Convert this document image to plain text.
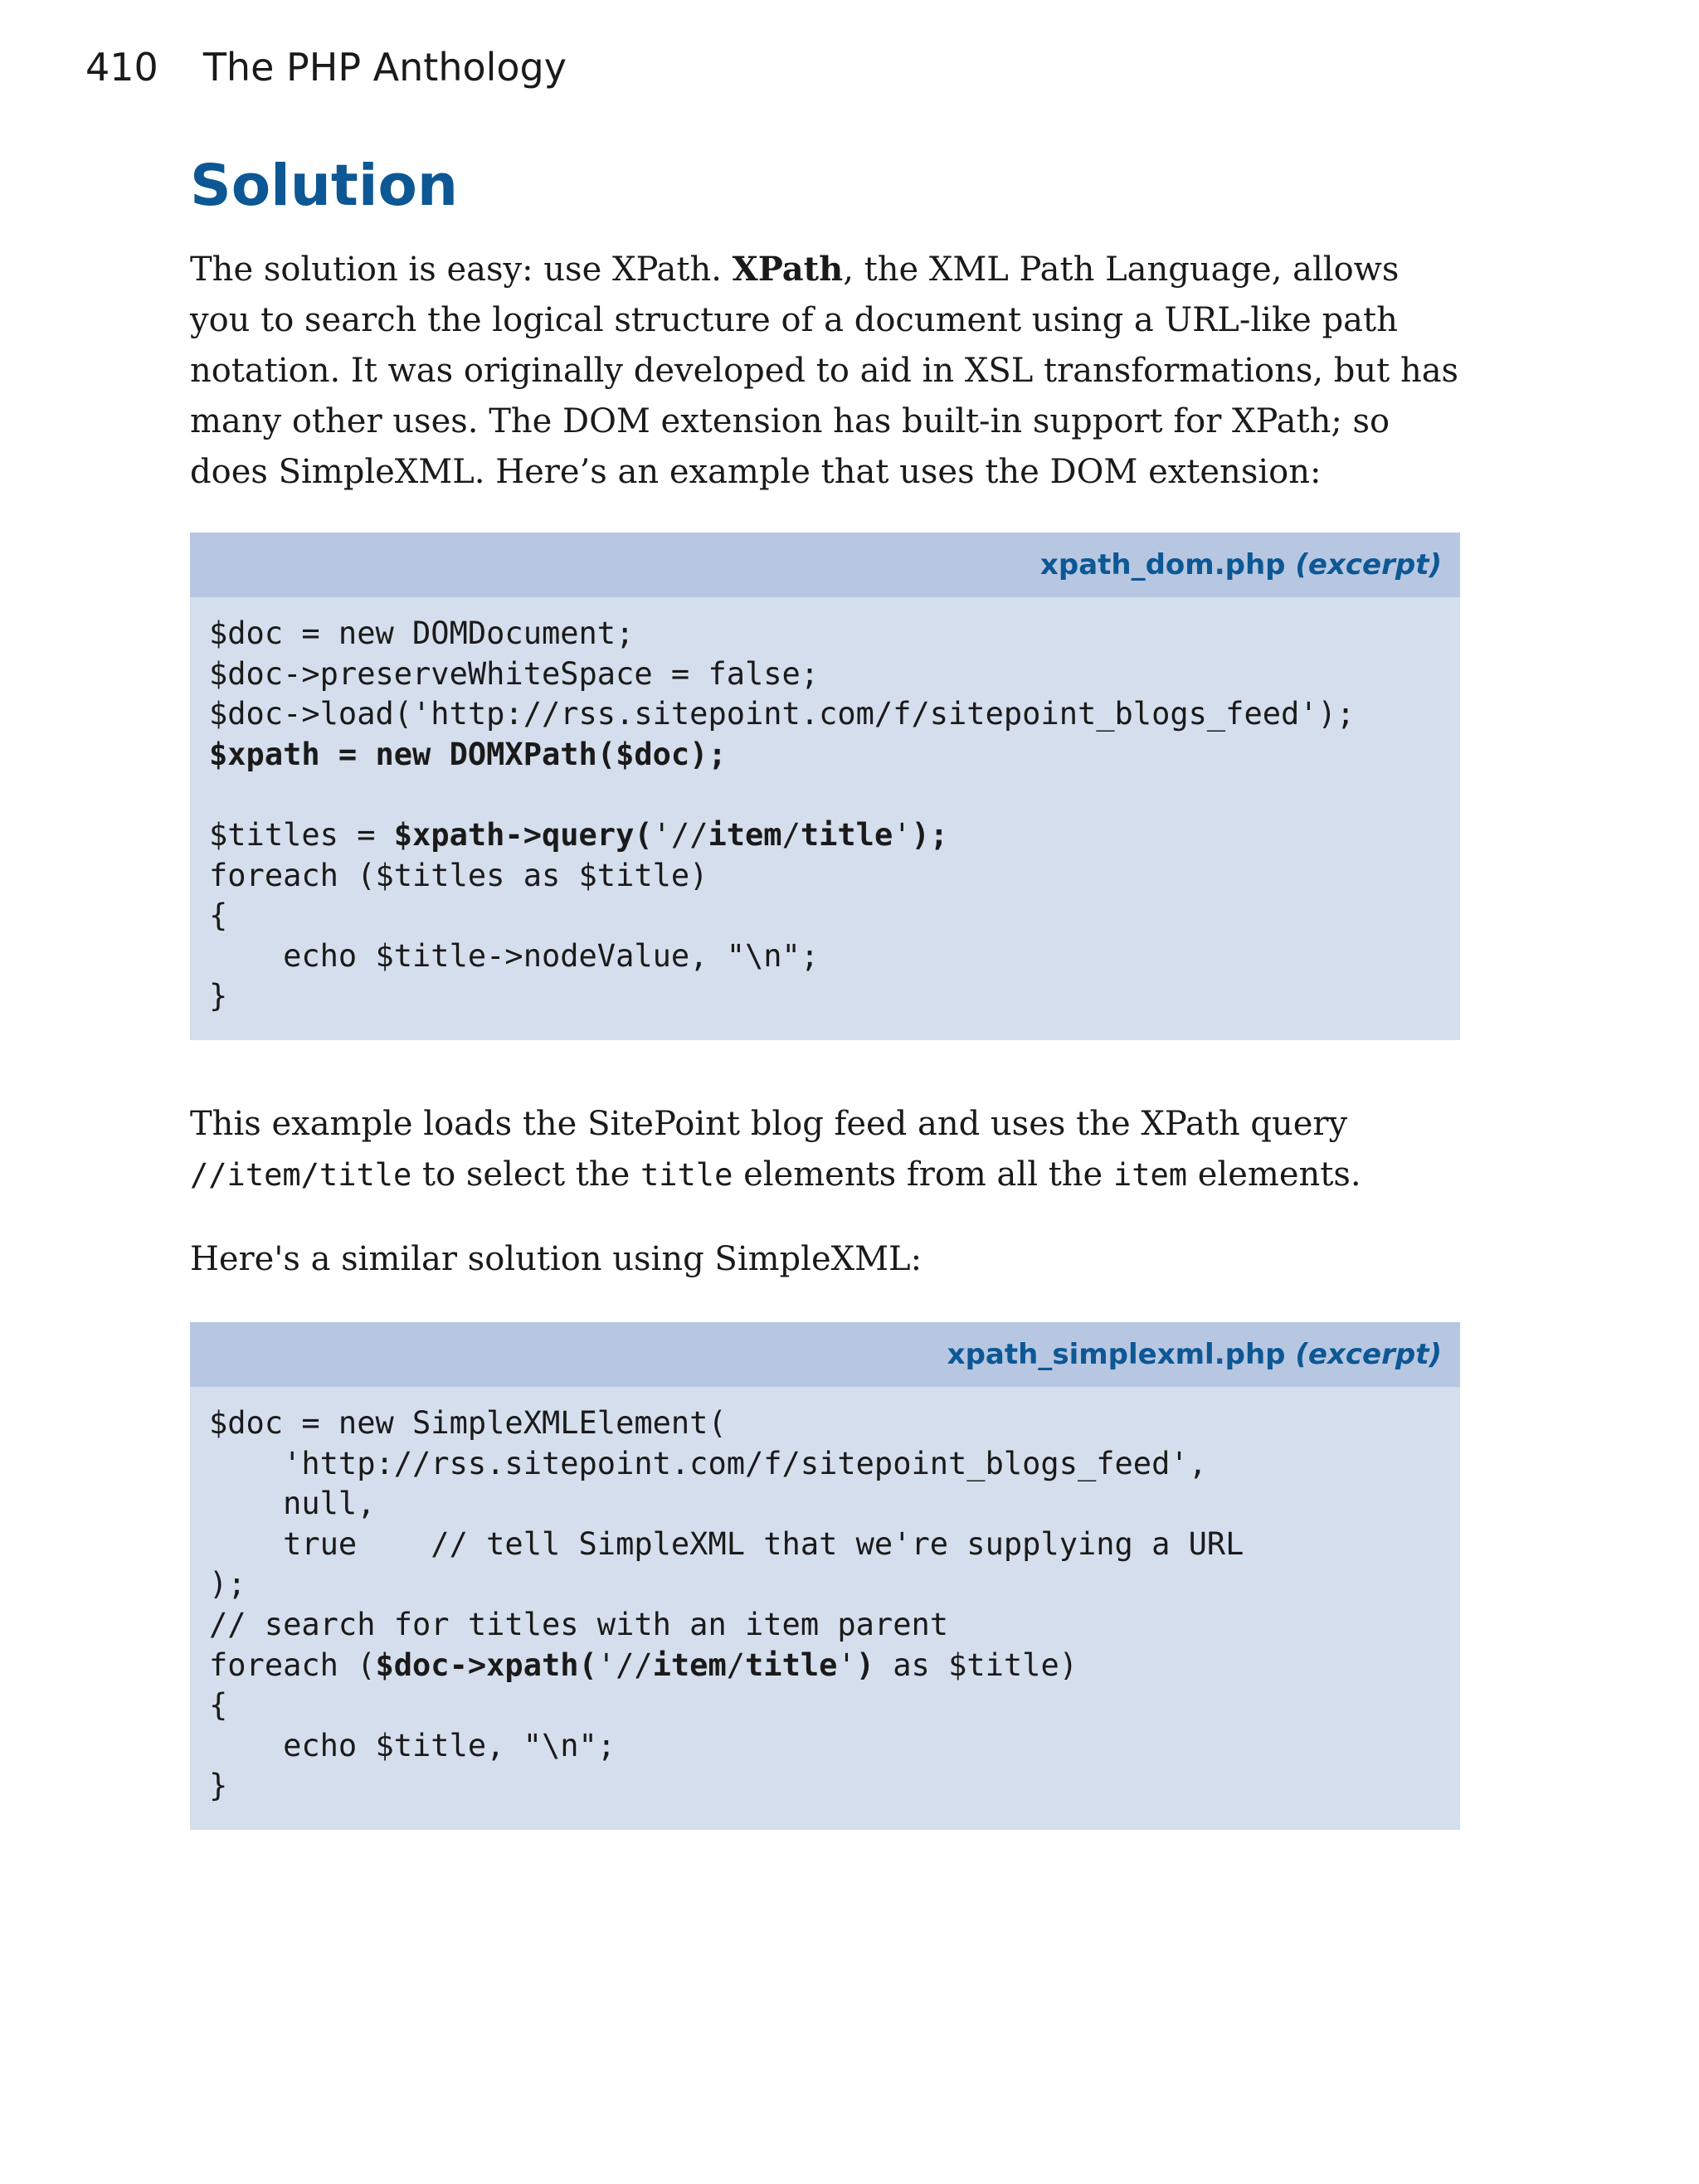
410 The PHP Anthology
Solution

The solution is easy: use XPath. XPath, the XML Path Language, allows you to search the logical structure of a document using a URL-like path notation. It was originally developed to aid in XSL transformations, but has many other uses. The DOM extension has built-in support for XPath; so does SimpleXML. Here’s an example that uses the DOM extension:

xpath_dom.php (excerpt)
$doc = new DOMDocument;
$doc->preserveWhiteSpace = false;
$doc->load('http://rss.sitepoint.com/f/sitepoint_blogs_feed');
$xpath = new DOMXPath($doc);

$titles = $xpath->query('//item/title');
foreach ($titles as $title)
{
echo $title->nodeValue, "\n";
}

This example loads the SitePoint blog feed and uses the XPath query //item/title to select the title elements from all the item elements.

Here's a similar solution using SimpleXML:

xpath_simplexml.php (excerpt)
$doc = new SimpleXMLElement(
'http://rss.sitepoint.com/f/sitepoint_blogs_feed',
null,
true    // tell SimpleXML that we're supplying a URL
);
// search for titles with an item parent
foreach ($doc->xpath('//item/title') as $title)
{
echo $title, "\n";
}
